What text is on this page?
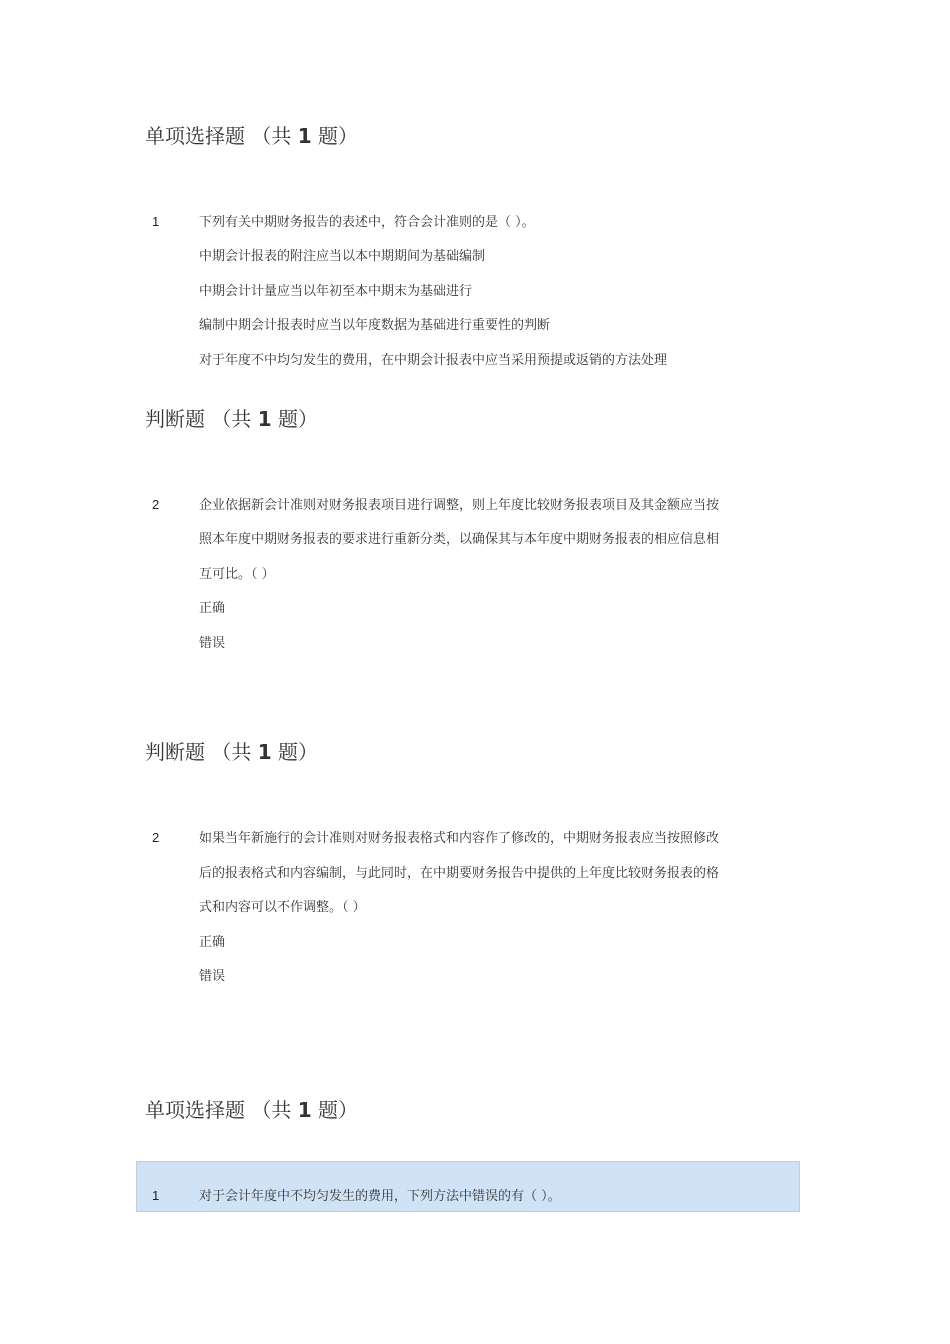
单项选择题 （共 1 题）
1	下列有关中期财务报告的表述中，符合会计准则的是（ ）。
中期会计报表的附注应当以本中期期间为基础编制
中期会计计量应当以年初至本中期末为基础进行
编制中期会计报表时应当以年度数据为基础进行重要性的判断
对于年度不中均匀发生的费用，在中期会计报表中应当采用预提或返销的方法处理
判断题 （共 1 题）
2	企业依据新会计准则对财务报表项目进行调整，则上年度比较财务报表项目及其金额应当按
照本年度中期财务报表的要求进行重新分类，以确保其与本年度中期财务报表的相应信息相
互可比。（ ）
正确
错误
判断题 （共 1 题）
2	如果当年新施行的会计准则对财务报表格式和内容作了修改的，中期财务报表应当按照修改
后的报表格式和内容编制，与此同时，在中期要财务报告中提供的上年度比较财务报表的格
式和内容可以不作调整。（ ）
正确
错误
单项选择题 （共 1 题）
1	对于会计年度中不均匀发生的费用，下列方法中错误的有（ ）。
